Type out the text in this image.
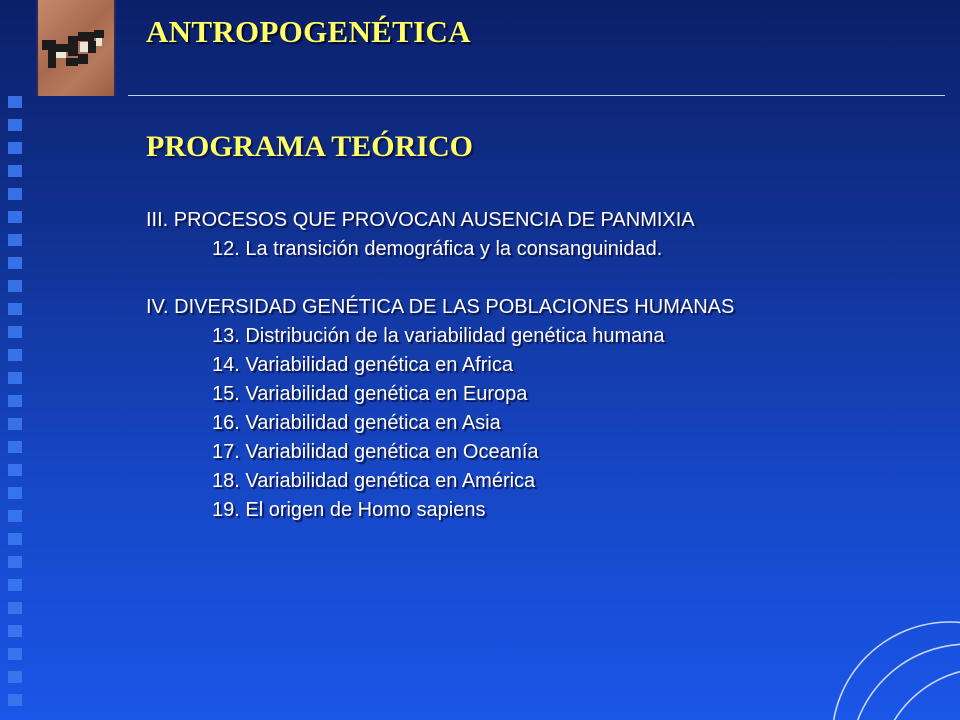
ANTROPOGENÉTICA
PROGRAMA TEÓRICO
III. PROCESOS QUE PROVOCAN AUSENCIA DE PANMIXIA
12. La transición demográfica y la consanguinidad.
IV. DIVERSIDAD GENÉTICA DE LAS POBLACIONES HUMANAS
13. Distribución de la variabilidad genética humana
14. Variabilidad genética en Africa
15. Variabilidad genética en Europa
16. Variabilidad genética en Asia
17. Variabilidad genética en Oceanía
18. Variabilidad genética en América
19. El origen de Homo sapiens
